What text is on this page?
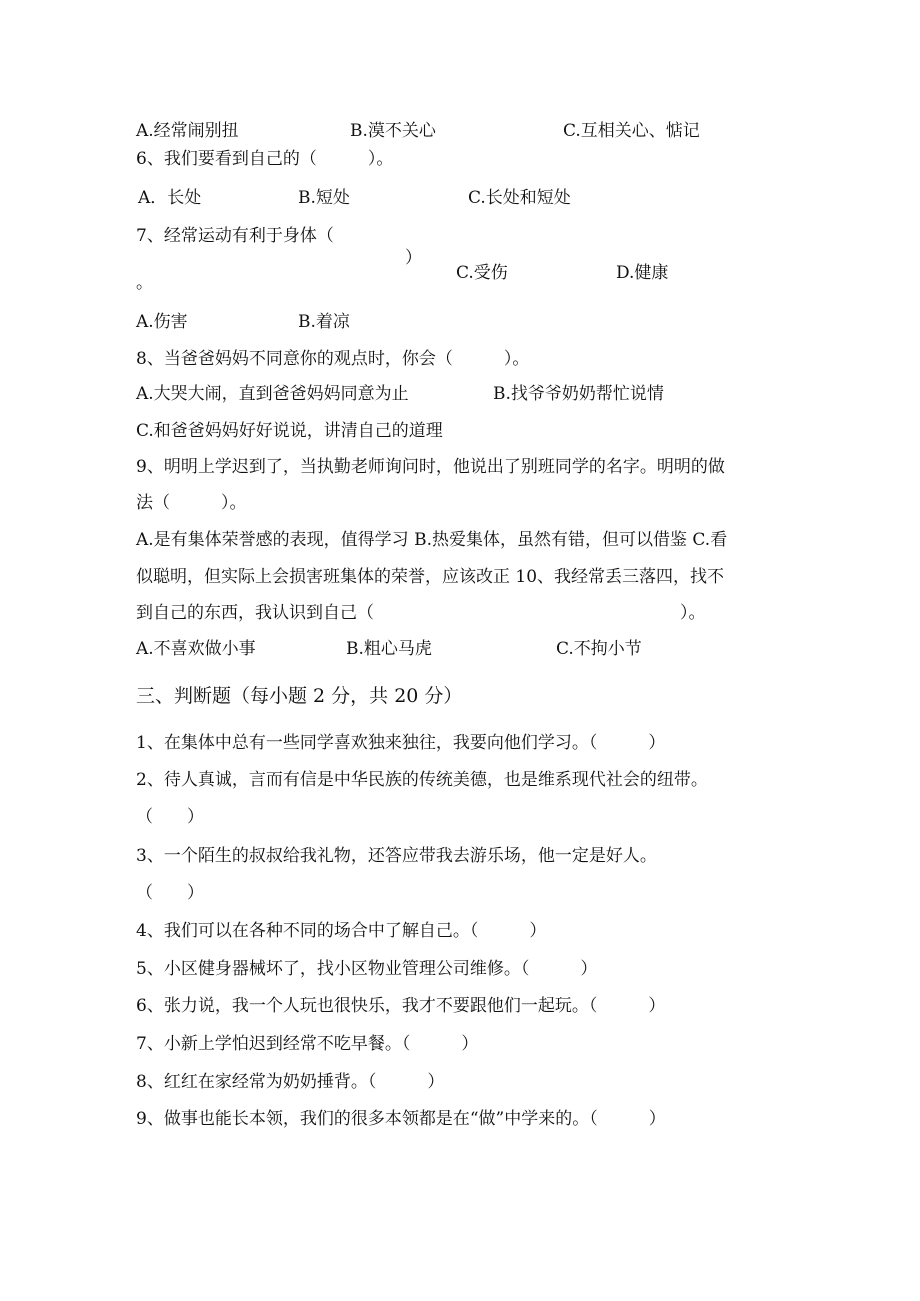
A.经常闹别扭	B.漠不关心	C.互相关心、惦记
6、我们要看到自己的（　　　）。
A．长处	B.短处	C.长处和短处
7、经常运动有利于身体（
）
C.受伤	D.健康
。
A.伤害	B.着凉
8、当爸爸妈妈不同意你的观点时，你会（　　　）。
A.大哭大闹，直到爸爸妈妈同意为止	B.找爷爷奶奶帮忙说情
C.和爸爸妈妈好好说说，讲清自己的道理
9、明明上学迟到了，当执勤老师询问时，他说出了别班同学的名字。明明的做
法（　　　）。
A.是有集体荣誉感的表现，值得学习 B.热爱集体，虽然有错，但可以借鉴 C.看
似聪明，但实际上会损害班集体的荣誉，应该改正 10、我经常丢三落四，找不
到自己的东西，我认识到自己（	）。
A.不喜欢做小事	B.粗心马虎	C.不拘小节
三、判断题（每小题 2 分，共 20 分）
1、在集体中总有一些同学喜欢独来独往，我要向他们学习。（　　　）
2、待人真诚，言而有信是中华民族的传统美德，也是维系现代社会的纽带。
（　　）
3、一个陌生的叔叔给我礼物，还答应带我去游乐场，他一定是好人。
（　　）
4、我们可以在各种不同的场合中了解自己。（　　　）
5、小区健身器械坏了，找小区物业管理公司维修。（　　　）
6、张力说，我一个人玩也很快乐，我才不要跟他们一起玩。（　　　）
7、小新上学怕迟到经常不吃早餐。（　　　）
8、红红在家经常为奶奶捶背。（　　　）
9、做事也能长本领，我们的很多本领都是在“做”中学来的。（　　　）
